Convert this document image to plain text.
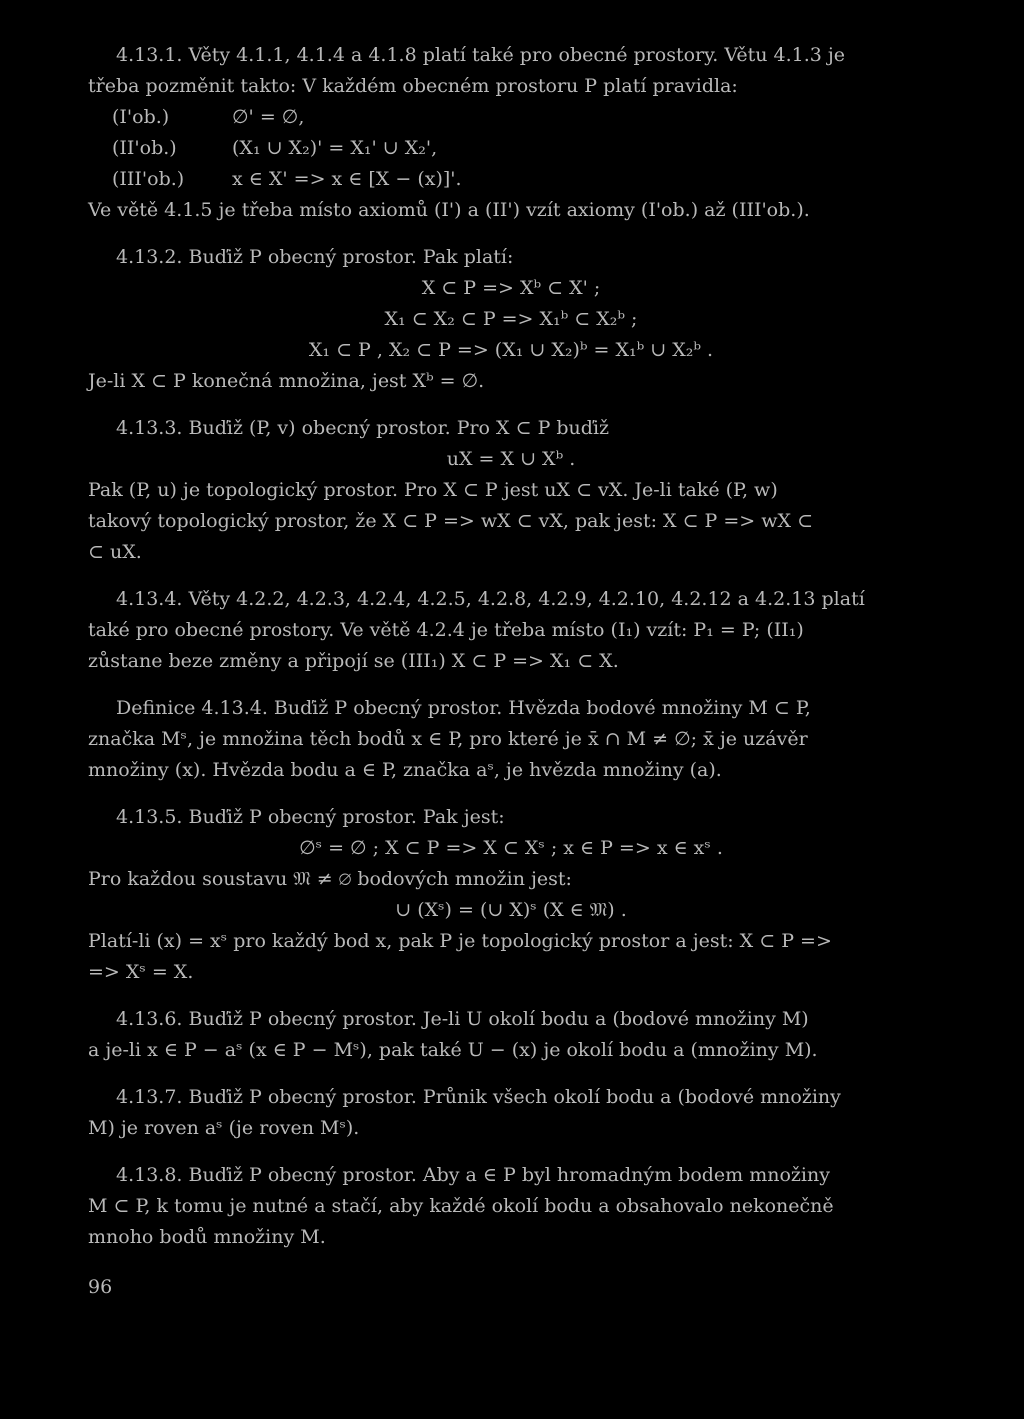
4.13.1. Věty 4.1.1, 4.1.4 a 4.1.8 platí také pro obecné prostory. Větu 4.1.3 je

třeba pozměnit takto: V každém obecném prostoru P platí pravidla:

(I'ob.)	∅' = ∅,
(II'ob.)	(X₁ ∪ X₂)' = X₁' ∪ X₂',
(III'ob.)	x ∈ X' => x ∈ [X − (x)]'.

Ve větě 4.1.5 je třeba místo axiomů (I') a (II') vzít axiomy (I'ob.) až (III'ob.).

4.13.2. Buďiž P obecný prostor. Pak platí:

X ⊂ P => Xᵇ ⊂ X' ;

X₁ ⊂ X₂ ⊂ P => X₁ᵇ ⊂ X₂ᵇ ;

X₁ ⊂ P , X₂ ⊂ P => (X₁ ∪ X₂)ᵇ = X₁ᵇ ∪ X₂ᵇ .

Je-li X ⊂ P konečná množina, jest Xᵇ = ∅.

4.13.3. Buďiž (P, v) obecný prostor. Pro X ⊂ P buďiž

uX = X ∪ Xᵇ .

Pak (P, u) je topologický prostor. Pro X ⊂ P jest uX ⊂ vX. Je-li také (P, w)

takový topologický prostor, že X ⊂ P => wX ⊂ vX, pak jest: X ⊂ P => wX ⊂

⊂ uX.

4.13.4. Věty 4.2.2, 4.2.3, 4.2.4, 4.2.5, 4.2.8, 4.2.9, 4.2.10, 4.2.12 a 4.2.13 platí

také pro obecné prostory. Ve větě 4.2.4 je třeba místo (I₁) vzít: P₁ = P; (II₁)

zůstane beze změny a připojí se (III₁) X ⊂ P => X₁ ⊂ X.

Definice 4.13.4. Buďiž P obecný prostor. Hvězda bodové množiny M ⊂ P,

značka Mˢ, je množina těch bodů x ∈ P, pro které je x̄ ∩ M ≠ ∅; x̄ je uzávěr

množiny (x). Hvězda bodu a ∈ P, značka aˢ, je hvězda množiny (a).

4.13.5. Buďiž P obecný prostor. Pak jest:

∅ˢ = ∅ ; X ⊂ P => X ⊂ Xˢ ; x ∈ P => x ∈ xˢ .

Pro každou soustavu 𝔐 ≠ ∅ bodových množin jest:

∪ (Xˢ) = (∪ X)ˢ (X ∈ 𝔐) .

Platí-li (x) = xˢ pro každý bod x, pak P je topologický prostor a jest: X ⊂ P =>

=> Xˢ = X.

4.13.6. Buďiž P obecný prostor. Je-li U okolí bodu a (bodové množiny M)

a je-li x ∈ P − aˢ (x ∈ P − Mˢ), pak také U − (x) je okolí bodu a (množiny M).

4.13.7. Buďiž P obecný prostor. Průnik všech okolí bodu a (bodové množiny

M) je roven aˢ (je roven Mˢ).

4.13.8. Buďiž P obecný prostor. Aby a ∈ P byl hromadným bodem množiny

M ⊂ P, k tomu je nutné a stačí, aby každé okolí bodu a obsahovalo nekonečně

mnoho bodů množiny M.

96
